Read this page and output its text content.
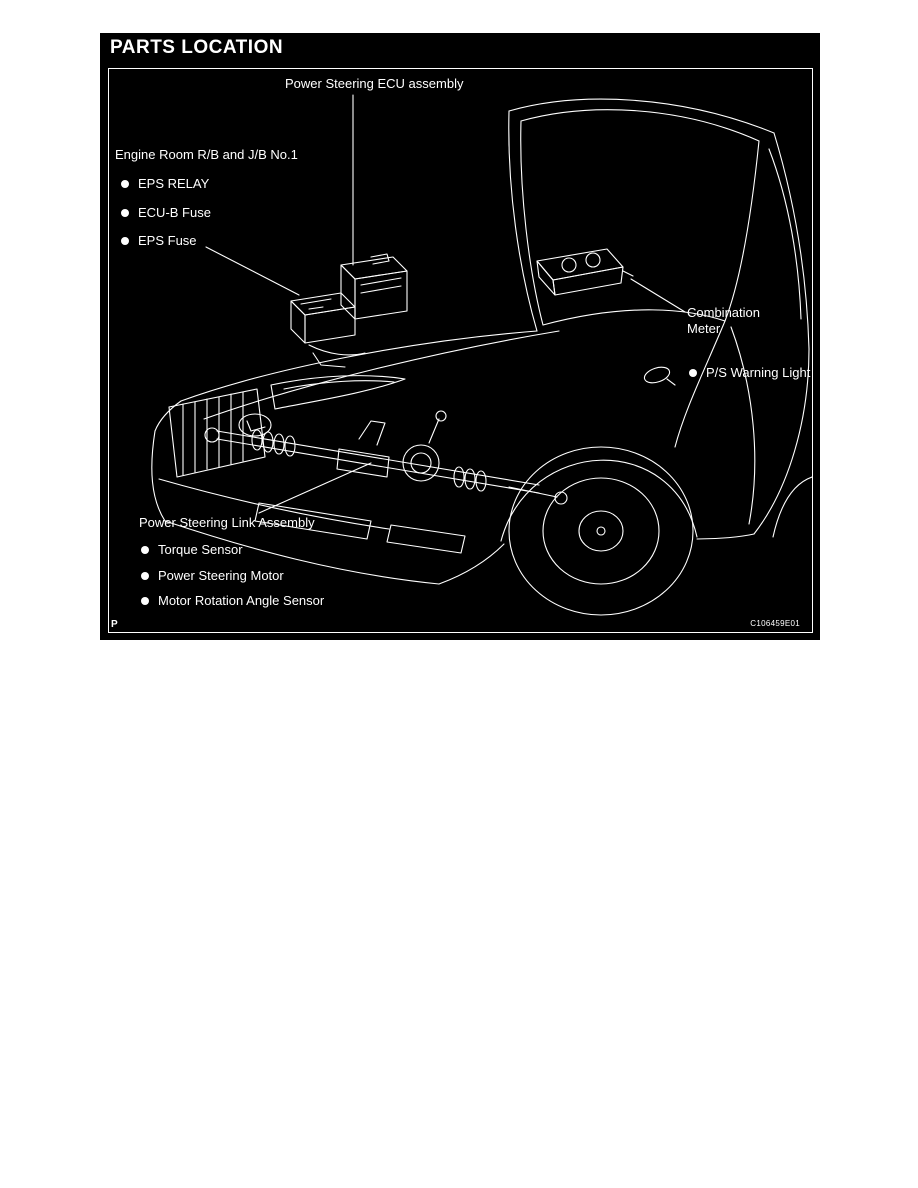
PARTS LOCATION
Power Steering ECU assembly
Engine Room R/B and J/B No.1
EPS RELAY
ECU-B Fuse
EPS Fuse
Combination
Meter
P/S Warning Light
Power Steering Link Assembly
Torque Sensor
Power Steering Motor
Motor Rotation Angle Sensor
P	C106459E01
